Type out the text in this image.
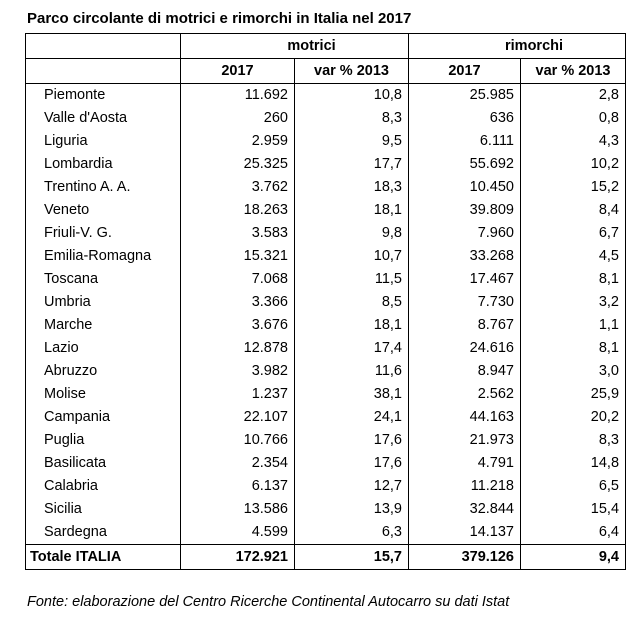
Parco circolante di motrici e rimorchi in Italia nel 2017
	motrici		rimorchi	
	2017	var % 2013	2017	var % 2013
Piemonte	11.692	10,8	25.985	2,8
Valle d'Aosta	260	8,3	636	0,8
Liguria	2.959	9,5	6.111	4,3
Lombardia	25.325	17,7	55.692	10,2
Trentino A. A.	3.762	18,3	10.450	15,2
Veneto	18.263	18,1	39.809	8,4
Friuli-V. G.	3.583	9,8	7.960	6,7
Emilia-Romagna	15.321	10,7	33.268	4,5
Toscana	7.068	11,5	17.467	8,1
Umbria	3.366	8,5	7.730	3,2
Marche	3.676	18,1	8.767	1,1
Lazio	12.878	17,4	24.616	8,1
Abruzzo	3.982	11,6	8.947	3,0
Molise	1.237	38,1	2.562	25,9
Campania	22.107	24,1	44.163	20,2
Puglia	10.766	17,6	21.973	8,3
Basilicata	2.354	17,6	4.791	14,8
Calabria	6.137	12,7	11.218	6,5
Sicilia	13.586	13,9	32.844	15,4
Sardegna	4.599	6,3	14.137	6,4
Totale ITALIA	172.921	15,7	379.126	9,4
Fonte: elaborazione del Centro Ricerche Continental Autocarro su dati Istat
